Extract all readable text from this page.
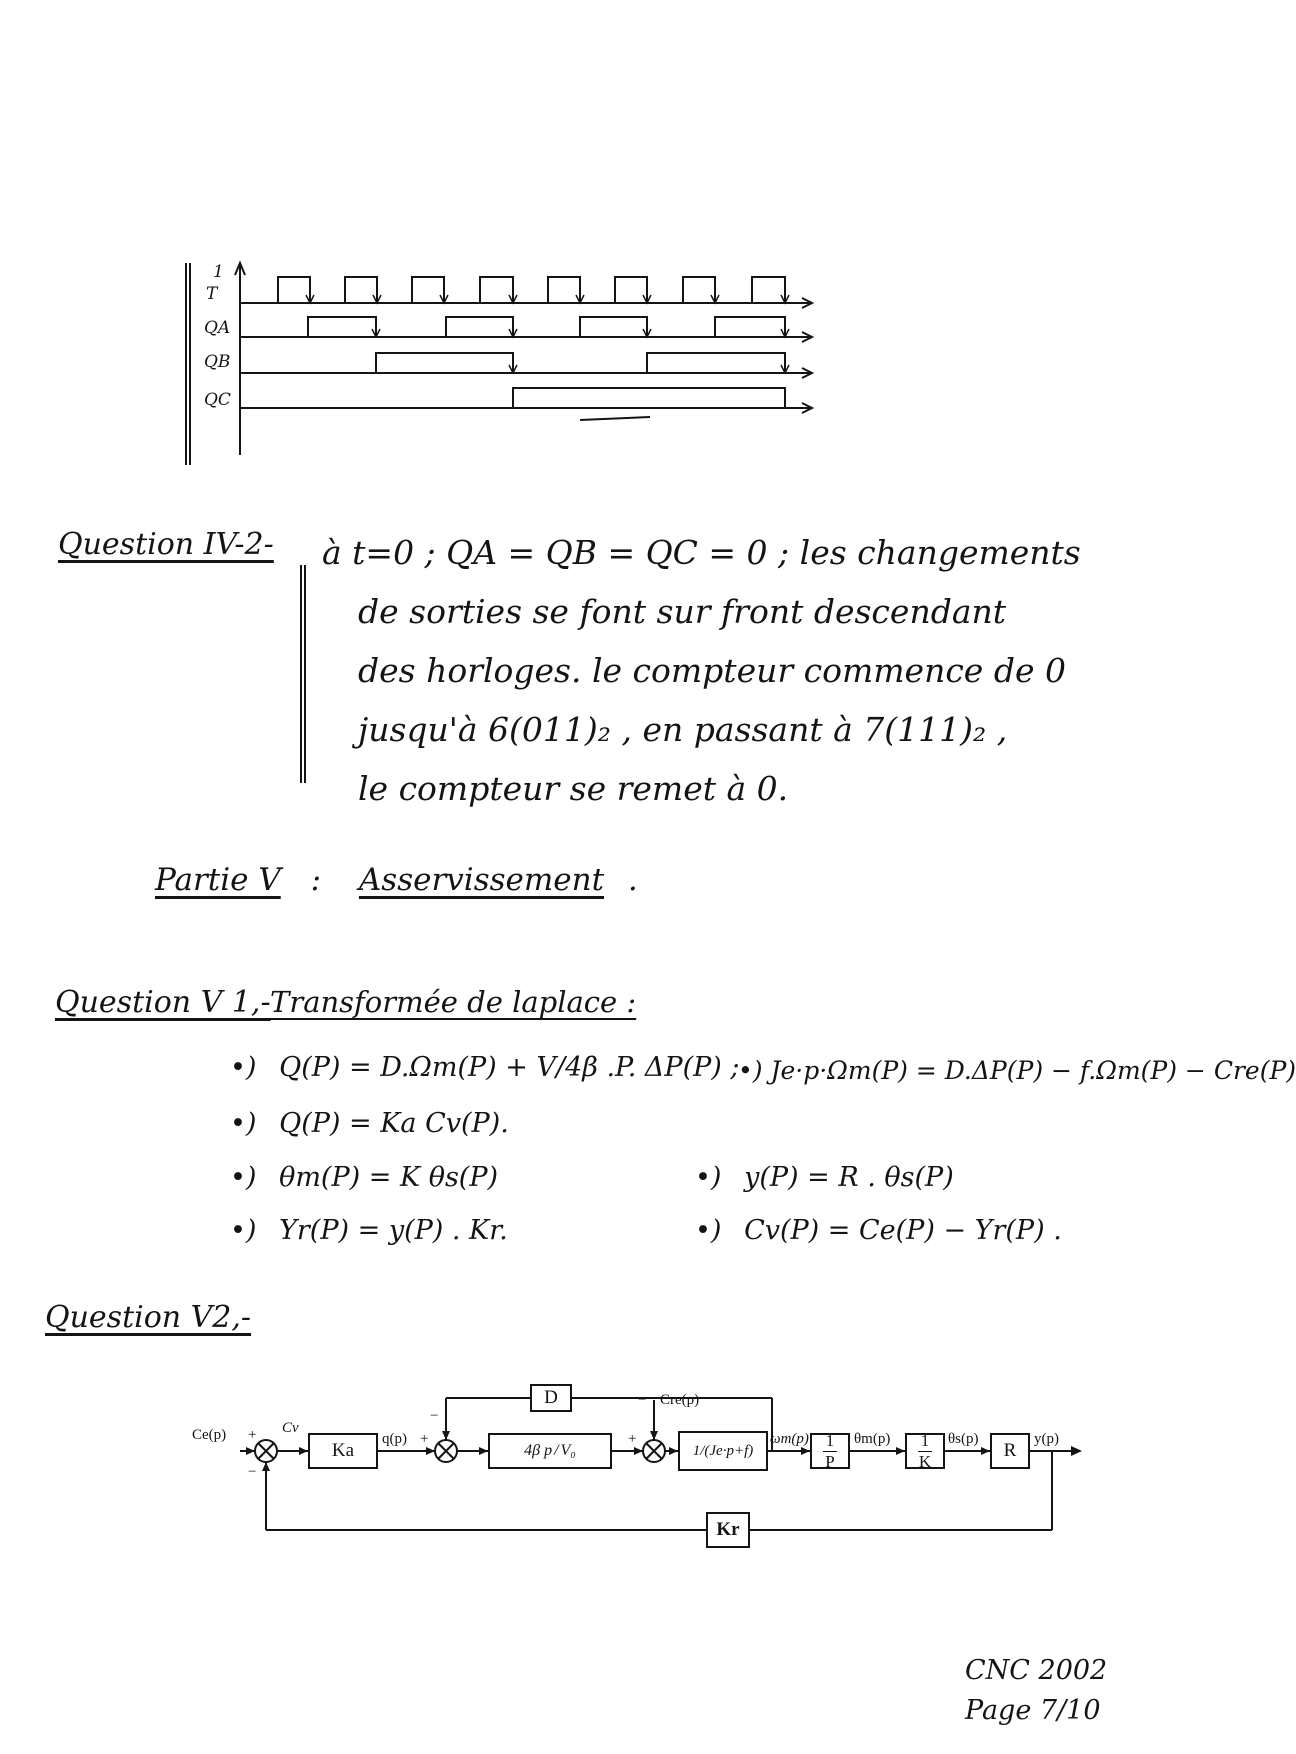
1
T
QA
QB
QC
Question IV-2- à t=0 ; QA = QB = QC = 0 ; les changements
de sorties se font sur front descendant
des horloges. le compteur commence de 0
jusqu'à 6(011)₂ , en passant à 7(111)₂ ,
le compteur se remet à 0.
Partie V : Asservissement .
Question V 1,- Transformée de laplace :
•) Q(P) = D.Ωm(P) + V/4β .P. ΔP(P) ;
•) Je·p·Ωm(P) = D.ΔP(P) − f.Ωm(P) − Cre(P)
•) Q(P) = Ka Cv(P).
•) θm(P) = K θs(P)	•) y(P) = R . θs(P)
•) Yr(P) = y(P) . Kr.	•) Cv(P) = Ce(P) − Yr(P) .
Question V2,-
Ka
D
4β p / V₀	1/(Je·p+f)	$\frac{1}{P}$	$\frac{1}{K}$	R
Kr
Ce(p) +
−
Cv
q(p) +
−
+
− Cre(p)
ωm(p)	θm(p)	θs(p)	y(p)
CNC 2002
Page 7/10
